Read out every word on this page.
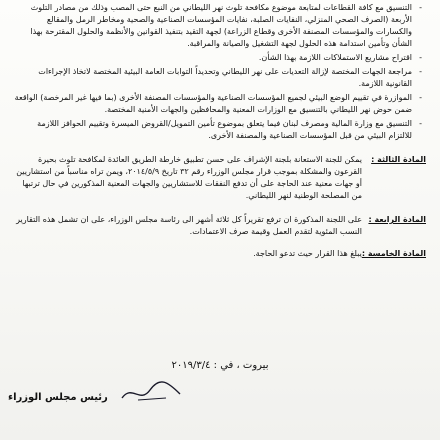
- التنسيق مع كافة القطاعات لمتابعة موضوع مكافحة تلوث نهر الليطاني من النبع حتى المصب وذلك من مصادر التلوث الأربعة (الصرف الصحي المنزلي، النفايات الصلبة، نفايات المؤسسات الصناعية والصحية ومخاطر الرمل والمقالع والكسارات والمؤسسات المصنفة الأخرى وقطاع الزراعة) لجهة التقيد بتنفيذ القوانين والأنظمة والحلول المقترحة بهذا الشأن وتأمين استدامة هذه الحلول لجهة التشغيل والصيانة والمراقبة.
- اقتراح مشاريع الاستملاكات اللازمة بهذا الشأن.
- مراجعة الجهات المختصة لإزالة التعديات على نهر الليطاني وتحديداً التوابات العامة البيئية المختصة لاتخاذ الإجراءات القانونية اللازمة.
- الموازرة في تقييم الوضع البيئي لجميع المؤسسات الصناعية والمؤسسات المصنفة الأخرى (بما فيها غير المرخصة) الواقعة ضمن حوض نهر الليطاني بالتنسيق مع الوزارات المعنية والمحافظين والجهات الأمنية المختصة.
- التنسيق مع وزارة المالية ومصرف لبنان فيما يتعلق بموضوع تأمين التمويل/القروض الميسرة وتقييم الحوافز اللازمة للالتزام البيئي من قبل المؤسسات الصناعية والمصنفة الأخرى.
المادة الثالثة :
يمكن للجنة الاستعانة بلجنة الإشراف على حسن تطبيق خارطة الطريق العائدة لمكافحة تلوث بحيرة القرعون والمشكلة بموجب قرار مجلس الوزراء رقم ٣٢ تاريخ ٢٠١٤/٥/٩، ويمن تراه مناسباً من استشاريين أو جهات معنية عند الحاجة على أن تدفع النفقات للاستشاريين والجهات المعنية المذكورين في حال ترتبها من المصلحة الوطنية لنهر الليطاني.
المادة الرابعة :
على اللجنة المذكورة ان ترفع تقريراً كل ثلاثة أشهر الى رئاسة مجلس الوزراء، على ان تشمل هذه التقارير النسب المئوية لتقدم العمل وقيمة صرف الاعتمادات.
المادة الخامسة :
يبلغ هذا القرار حيث تدعو الحاجة.
بيروت ، في : ٢٠١٩/٣/٤
رئيس مجلس الوزراء
